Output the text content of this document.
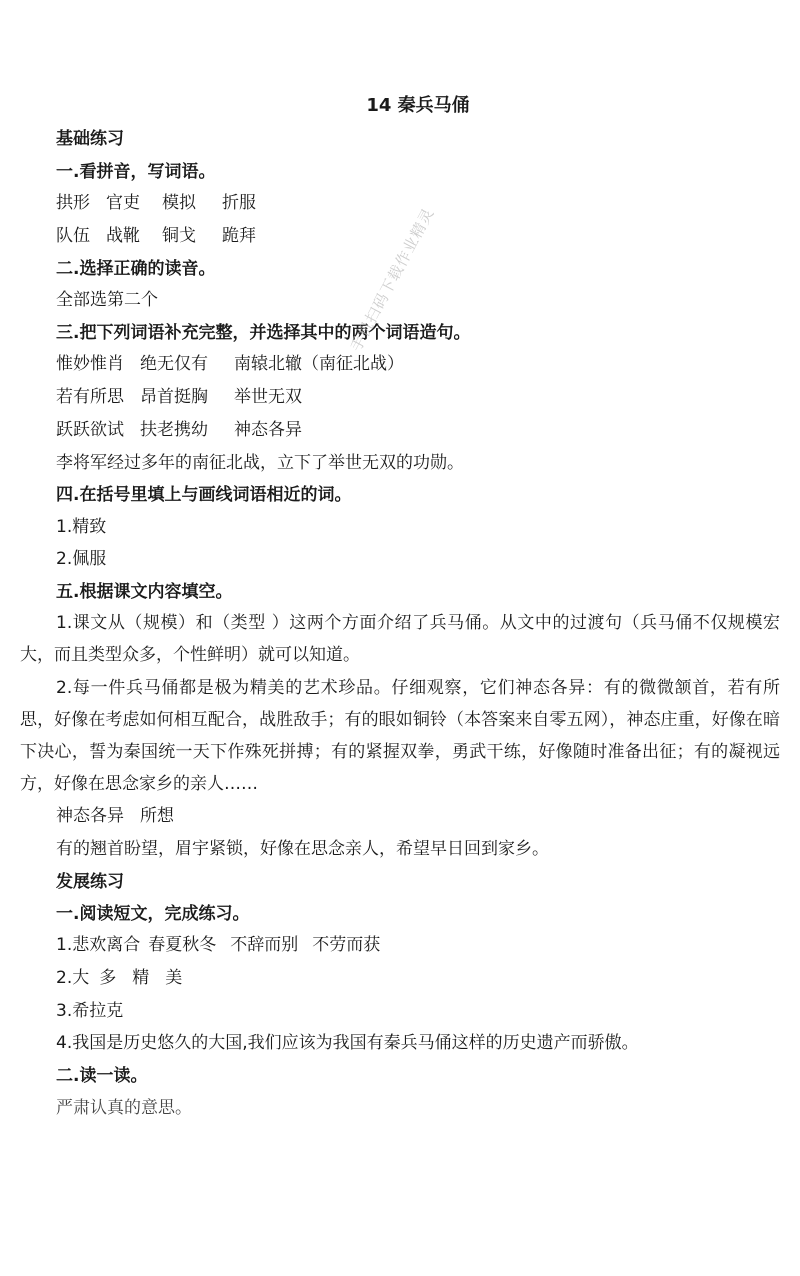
14 秦兵马俑
基础练习
一.看拼音，写词语。
拱形 官吏 模拟 折服
队伍 战靴 铜戈 跪拜
二.选择正确的读音。
全部选第二个
三.把下列词语补充完整，并选择其中的两个词语造句。
惟妙惟肖 绝无仅有 南辕北辙（南征北战）
若有所思 昂首挺胸 举世无双
跃跃欲试 扶老携幼 神态各异
李将军经过多年的南征北战，立下了举世无双的功勋。
四.在括号里填上与画线词语相近的词。
1.精致
2.佩服
五.根据课文内容填空。
1.课文从（规模）和（类型 ）这两个方面介绍了兵马俑。从文中的过渡句（兵马俑不仅规模宏大，而且类型众多，个性鲜明）就可以知道。
2.每一件兵马俑都是极为精美的艺术珍品。仔细观察，它们神态各异：有的微微颔首，若有所思，好像在考虑如何相互配合，战胜敌手；有的眼如铜铃（本答案来自零五网），神态庄重，好像在暗下决心，誓为秦国统一天下作殊死拼搏；有的紧握双拳，勇武干练，好像随时准备出征；有的凝视远方，好像在思念家乡的亲人……
神态各异 所想
有的翘首盼望，眉宇紧锁，好像在思念亲人，希望早日回到家乡。
发展练习
一.阅读短文，完成练习。
1.悲欢离合 春夏秋冬 不辞而别 不劳而获
2.大 多 精 美
3.希拉克
4.我国是历史悠久的大国,我们应该为我国有秦兵马俑这样的历史遗产而骄傲。
二.读一读。
严肃认真的意思。
手机扫码下载作业精灵
